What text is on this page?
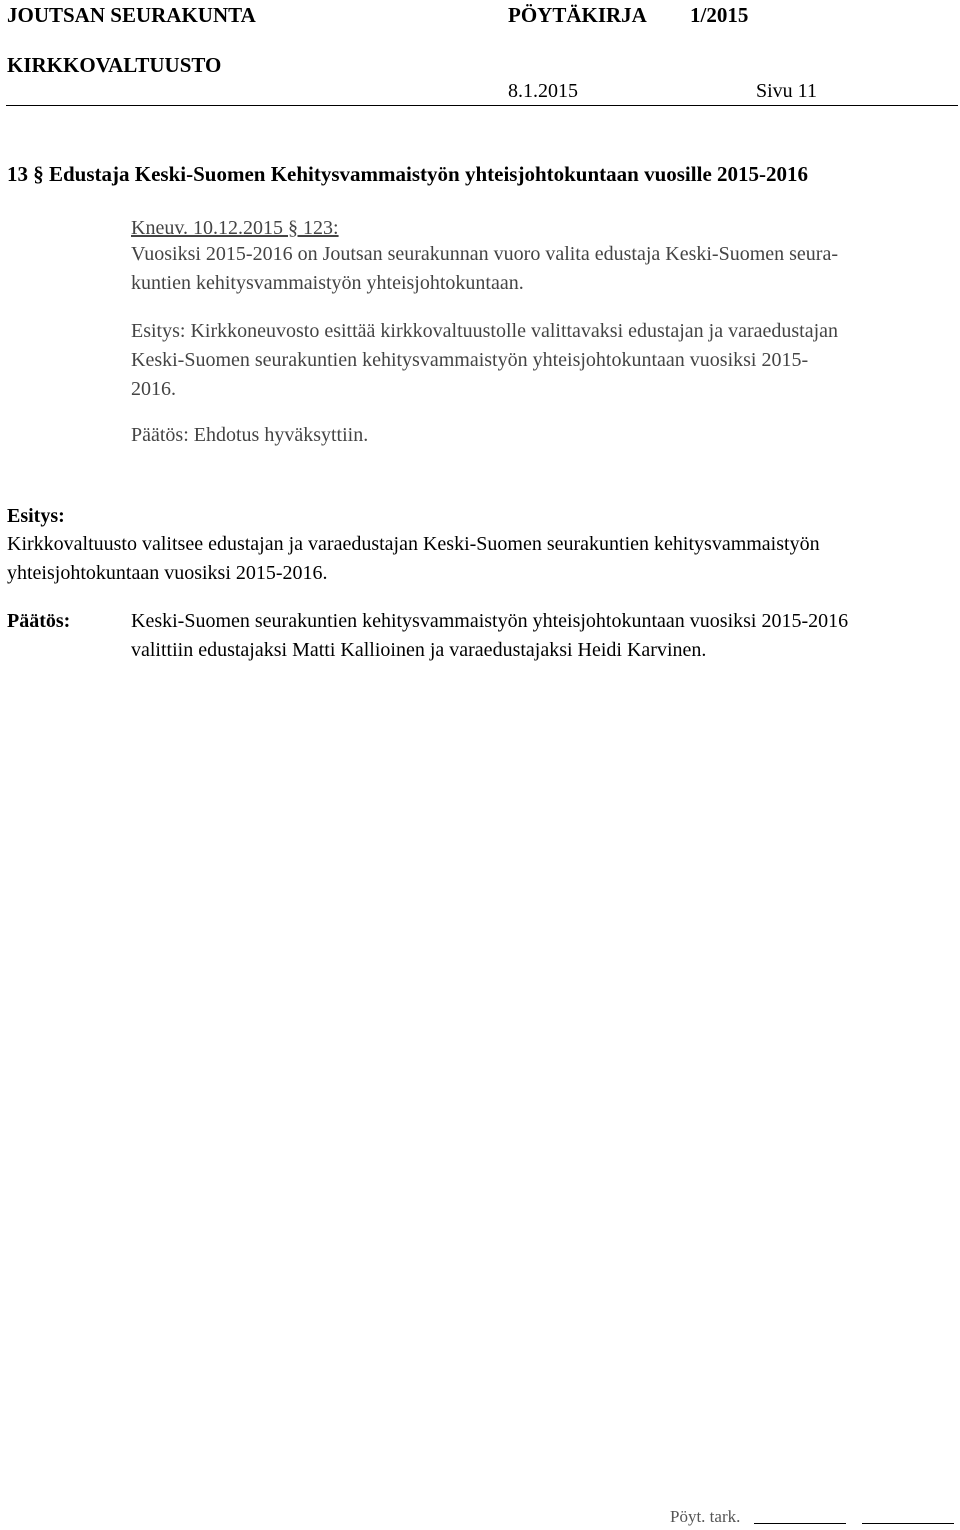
JOUTSAN SEURAKUNTA	PÖYTÄKIRJA 1/2015
KIRKKOVALTUUSTO
8.1.2015	Sivu 11
13 § Edustaja Keski-Suomen Kehitysvammaistyön yhteisjohtokuntaan vuosille 2015-2016
Kneuv. 10.12.2015 § 123:
Vuosiksi 2015-2016 on Joutsan seurakunnan vuoro valita edustaja Keski-Suomen seura-
kuntien kehitysvammaistyön yhteisjohtokuntaan.
Esitys: Kirkkoneuvosto esittää kirkkovaltuustolle valittavaksi edustajan ja varaedustajan
Keski-Suomen seurakuntien kehitysvammaistyön yhteisjohtokuntaan vuosiksi 2015-
2016.
Päätös: Ehdotus hyväksyttiin.
Esitys:
Kirkkovaltuusto valitsee edustajan ja varaedustajan Keski-Suomen seurakuntien kehitysvammaistyön
yhteisjohtokuntaan vuosiksi 2015-2016.
Päätös:	Keski-Suomen seurakuntien kehitysvammaistyön yhteisjohtokuntaan vuosiksi 2015-2016
valittiin edustajaksi Matti Kallioinen ja varaedustajaksi Heidi Karvinen.
Pöyt. tark.
